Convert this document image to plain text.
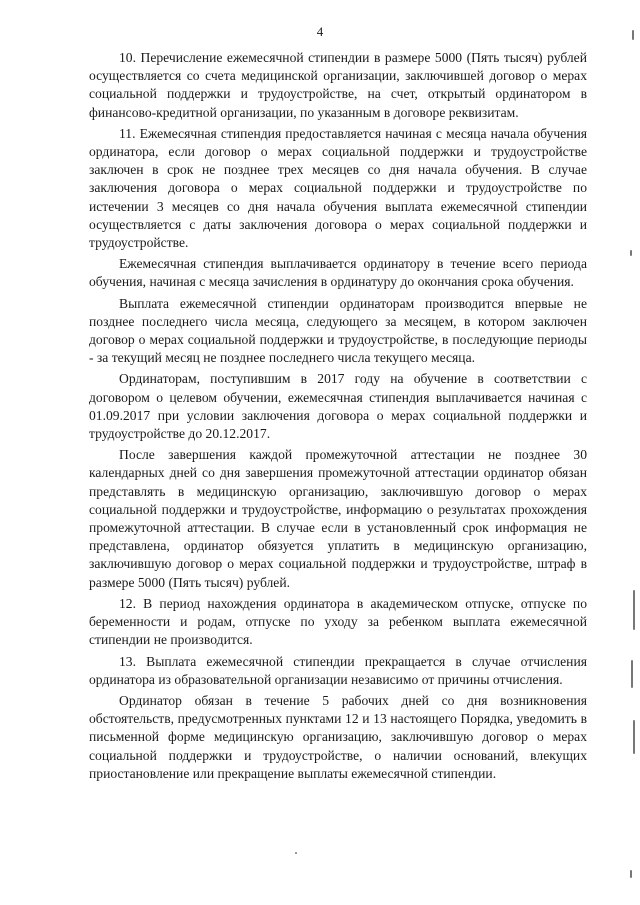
4

10. Перечисление ежемесячной стипендии в размере 5000 (Пять тысяч) рублей осуществляется со счета медицинской организации, заключившей договор о мерах социальной поддержки и трудоустройстве, на счет, открытый ординатором в финансово-кредитной организации, по указанным в договоре реквизитам.

11. Ежемесячная стипендия предоставляется начиная с месяца начала обучения ординатора, если договор о мерах социальной поддержки и трудоустройстве заключен в срок не позднее трех месяцев со дня начала обучения. В случае заключения договора о мерах социальной поддержки и трудоустройстве по истечении 3 месяцев со дня начала обучения выплата ежемесячной стипендии осуществляется с даты заключения договора о мерах социальной поддержки и трудоустройстве.

Ежемесячная стипендия выплачивается ординатору в течение всего периода обучения, начиная с месяца зачисления в ординатуру до окончания срока обучения.

Выплата ежемесячной стипендии ординаторам производится впервые не позднее последнего числа месяца, следующего за месяцем, в котором заключен договор о мерах социальной поддержки и трудоустройстве, в последующие периоды - за текущий месяц не позднее последнего числа текущего месяца.

Ординаторам, поступившим в 2017 году на обучение в соответствии с договором о целевом обучении, ежемесячная стипендия выплачивается начиная с 01.09.2017 при условии заключения договора о мерах социальной поддержки и трудоустройстве до 20.12.2017.

После завершения каждой промежуточной аттестации не позднее 30 календарных дней со дня завершения промежуточной аттестации ординатор обязан представлять в медицинскую организацию, заключившую договор о мерах социальной поддержки и трудоустройстве, информацию о результатах прохождения промежуточной аттестации. В случае если в установленный срок информация не представлена, ординатор обязуется уплатить в медицинскую организацию, заключившую договор о мерах социальной поддержки и трудоустройстве, штраф в размере 5000 (Пять тысяч) рублей.

12. В период нахождения ординатора в академическом отпуске, отпуске по беременности и родам, отпуске по уходу за ребенком выплата ежемесячной стипендии не производится.

13. Выплата ежемесячной стипендии прекращается в случае отчисления ординатора из образовательной организации независимо от причины отчисления.

Ординатор обязан в течение 5 рабочих дней со дня возникновения обстоятельств, предусмотренных пунктами 12 и 13 настоящего Порядка, уведомить в письменной форме медицинскую организацию, заключившую договор о мерах социальной поддержки и трудоустройстве, о наличии оснований, влекущих приостановление или прекращение выплаты ежемесячной стипендии.
